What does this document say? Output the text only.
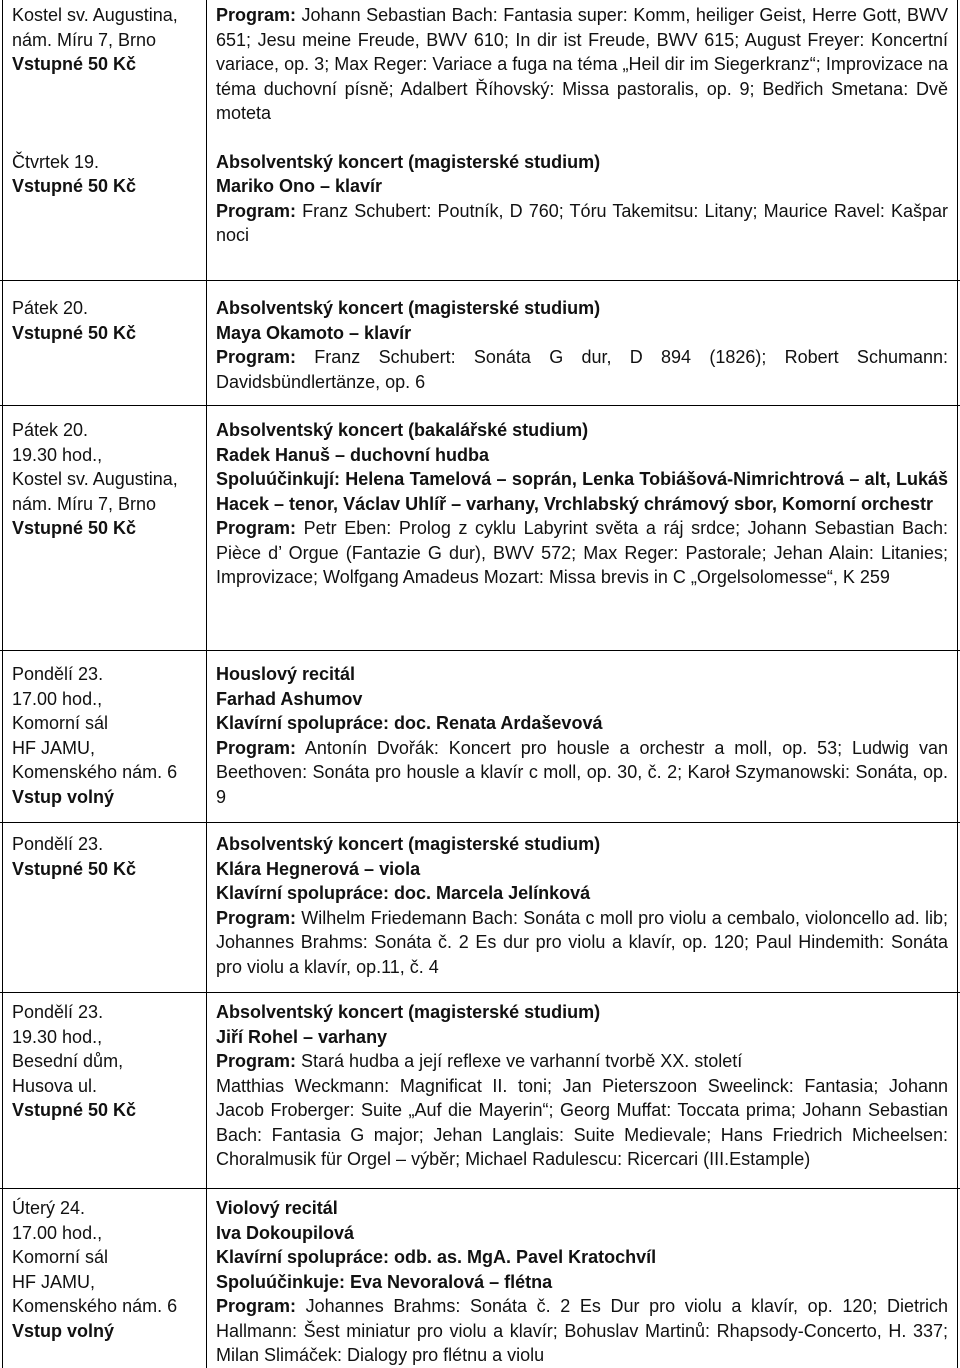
Kostel sv. Augustina,
nám. Míru 7, Brno
Vstupné 50 Kč
Čtvrtek 19.
Vstupné 50 Kč
Program: Johann Sebastian Bach: Fantasia super: Komm, heiliger Geist, Herre Gott, BWV 651; Jesu meine Freude, BWV 610; In dir ist Freude, BWV 615; August Freyer: Koncertní variace, op. 3; Max Reger: Variace a fuga na téma „Heil dir im Siegerkranz“; Improvizace na téma duchovní písně; Adalbert Říhovský: Missa pastoralis, op. 9; Bedřich Smetana: Dvě moteta
Absolventský koncert (magisterské studium)
Mariko Ono – klavír
Program: Franz Schubert: Poutník, D 760; Tóru Takemitsu: Litany; Maurice Ravel: Kašpar noci
Pátek 20.
Vstupné 50 Kč
Absolventský koncert (magisterské studium)
Maya Okamoto – klavír
Program: Franz Schubert: Sonáta G dur, D 894 (1826); Robert Schumann: Davidsbündlertänze, op. 6
Pátek 20.
19.30 hod.,
Kostel sv. Augustina,
nám. Míru 7, Brno
Vstupné 50 Kč
Absolventský koncert (bakalářské studium)
Radek Hanuš – duchovní hudba
Spoluúčinkují: Helena Tamelová – soprán, Lenka Tobiášová-Nimrichtrová – alt, Lukáš Hacek – tenor, Václav Uhlíř – varhany, Vrchlabský chrámový sbor, Komorní orchestr
Program: Petr Eben: Prolog z cyklu Labyrint světa a ráj srdce; Johann Sebastian Bach: Pièce d’ Orgue (Fantazie G dur), BWV 572; Max Reger: Pastorale; Jehan Alain: Litanies; Improvizace; Wolfgang Amadeus Mozart: Missa brevis in C „Orgelsolomesse“, K 259
Pondělí 23.
17.00 hod.,
Komorní sál
HF JAMU,
Komenského nám. 6
Vstup volný
Houslový recitál
Farhad Ashumov
Klavírní spolupráce: doc. Renata Ardaševová
Program: Antonín Dvořák: Koncert pro housle a orchestr a moll, op. 53; Ludwig van Beethoven: Sonáta pro housle a klavír c moll, op. 30, č. 2; Karoł Szymanowski: Sonáta, op. 9
Pondělí 23.
Vstupné 50 Kč
Absolventský koncert (magisterské studium)
Klára Hegnerová – viola
Klavírní spolupráce: doc. Marcela Jelínková
Program: Wilhelm Friedemann Bach: Sonáta c moll pro violu a cembalo, violoncello ad. lib; Johannes Brahms: Sonáta č. 2 Es dur pro violu a klavír, op. 120; Paul Hindemith: Sonáta pro violu a klavír, op.11, č. 4
Pondělí 23.
19.30 hod.,
Besední dům,
Husova ul.
Vstupné 50 Kč
Absolventský koncert (magisterské studium)
Jiří Rohel – varhany
Program: Stará hudba a její reflexe ve varhanní tvorbě XX. století
Matthias Weckmann: Magnificat II. toni; Jan Pieterszoon Sweelinck: Fantasia; Johann Jacob Froberger: Suite „Auf die Mayerin“; Georg Muffat: Toccata prima; Johann Sebastian Bach: Fantasia G major; Jehan Langlais: Suite Medievale; Hans Friedrich Micheelsen: Choralmusik für Orgel – výběr; Michael Radulescu: Ricercari (III.Estample)
Úterý 24.
17.00 hod.,
Komorní sál
HF JAMU,
Komenského nám. 6
Vstup volný
Violový recitál
Iva Dokoupilová
Klavírní spolupráce: odb. as. MgA. Pavel Kratochvíl
Spoluúčinkuje: Eva Nevoralová – flétna
Program: Johannes Brahms: Sonáta č. 2 Es Dur pro violu a klavír, op. 120; Dietrich Hallmann: Šest miniatur pro violu a klavír; Bohuslav Martinů: Rhapsody-Concerto, H. 337; Milan Slimáček: Dialogy pro flétnu a violu
